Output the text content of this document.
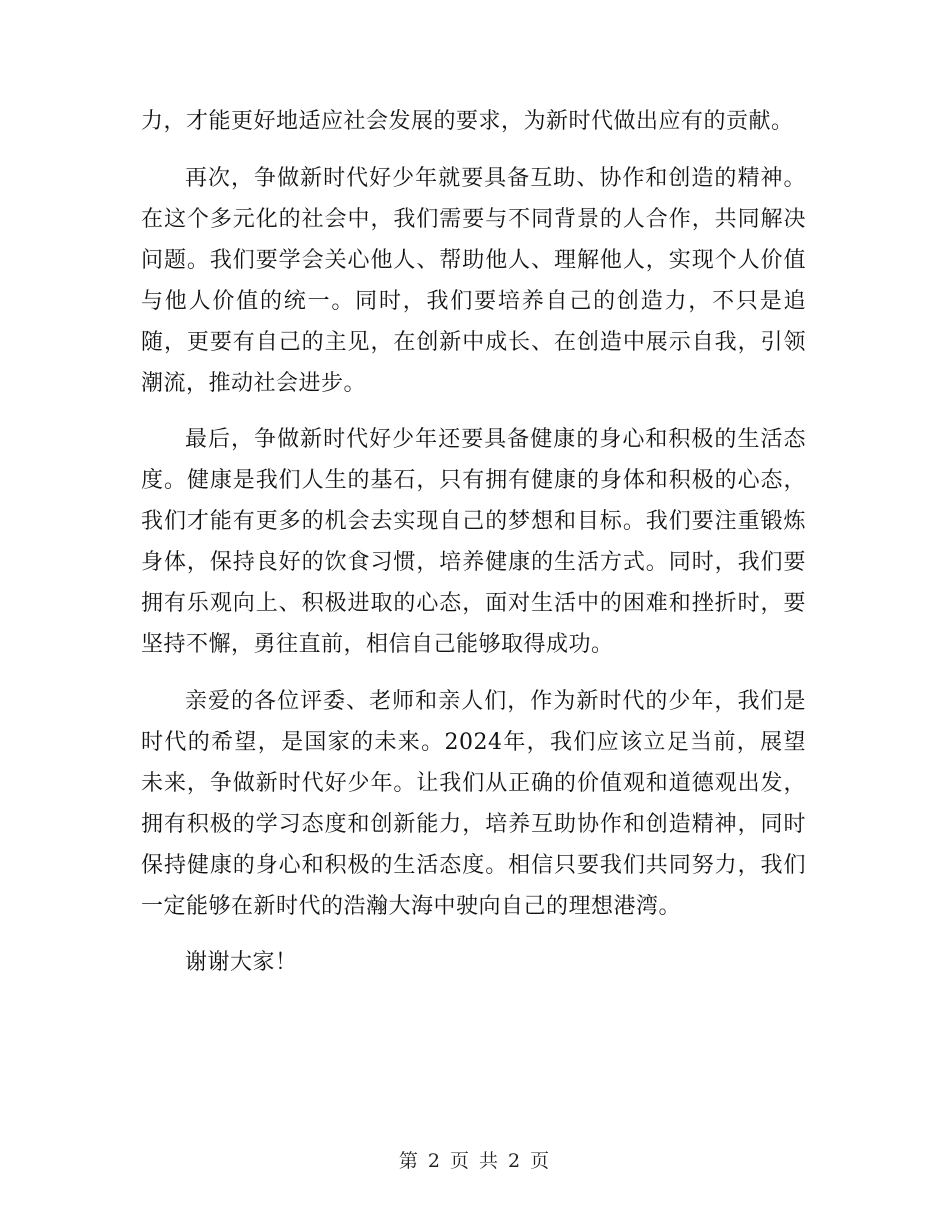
力，才能更好地适应社会发展的要求，为新时代做出应有的贡献。

再次，争做新时代好少年就要具备互助、协作和创造的精神。在这个多元化的社会中，我们需要与不同背景的人合作，共同解决问题。我们要学会关心他人、帮助他人、理解他人，实现个人价值与他人价值的统一。同时，我们要培养自己的创造力，不只是追随，更要有自己的主见，在创新中成长、在创造中展示自我，引领潮流，推动社会进步。

最后，争做新时代好少年还要具备健康的身心和积极的生活态度。健康是我们人生的基石，只有拥有健康的身体和积极的心态，我们才能有更多的机会去实现自己的梦想和目标。我们要注重锻炼身体，保持良好的饮食习惯，培养健康的生活方式。同时，我们要拥有乐观向上、积极进取的心态，面对生活中的困难和挫折时，要坚持不懈，勇往直前，相信自己能够取得成功。

亲爱的各位评委、老师和亲人们，作为新时代的少年，我们是时代的希望，是国家的未来。2024年，我们应该立足当前，展望未来，争做新时代好少年。让我们从正确的价值观和道德观出发，拥有积极的学习态度和创新能力，培养互助协作和创造精神，同时保持健康的身心和积极的生活态度。相信只要我们共同努力，我们一定能够在新时代的浩瀚大海中驶向自己的理想港湾。

谢谢大家！

第 2 页 共 2 页
